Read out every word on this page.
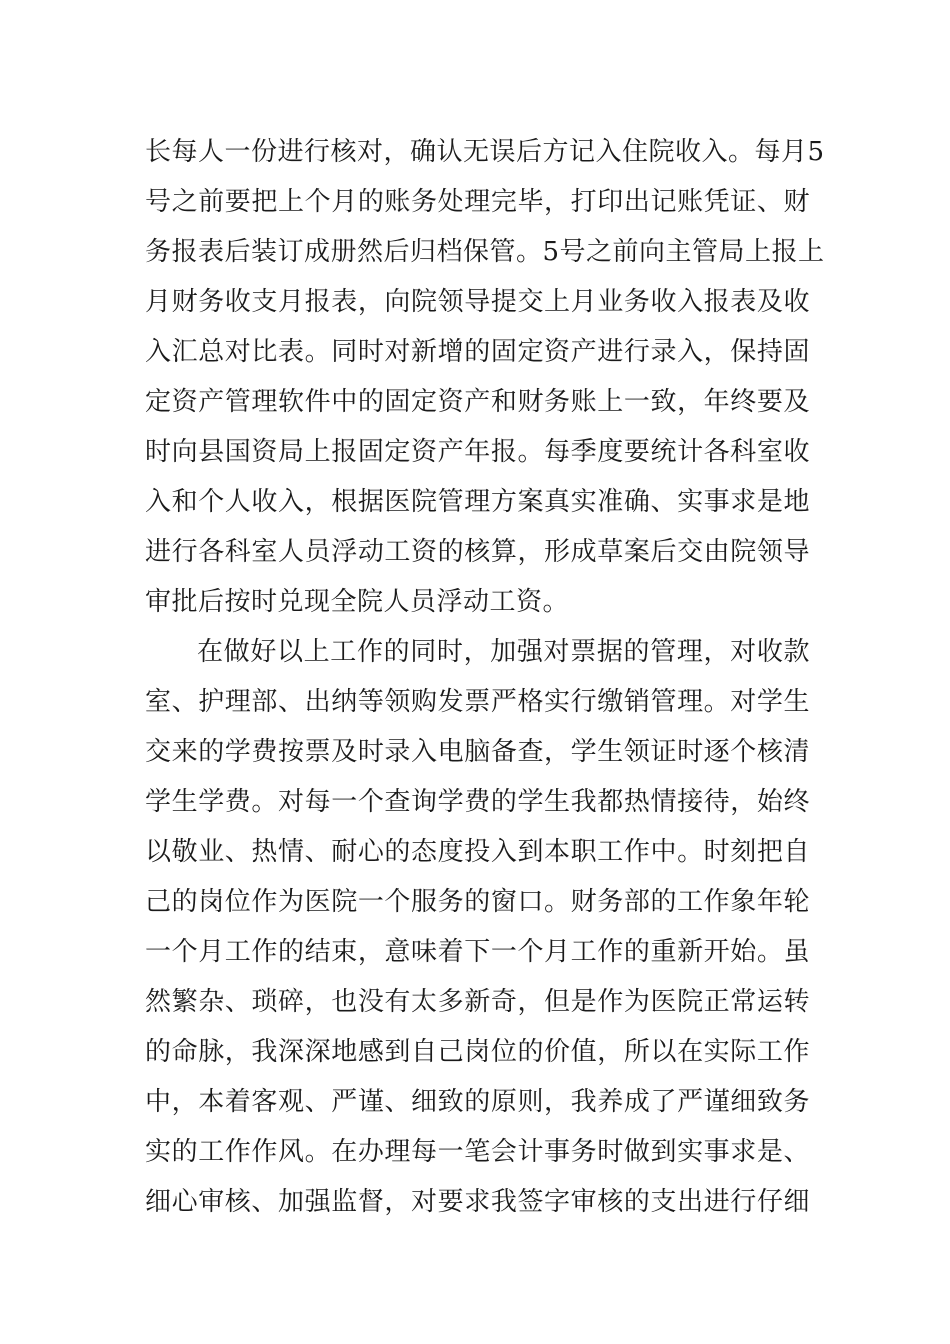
长每人一份进行核对，确认无误后方记入住院收入。每月5
号之前要把上个月的账务处理完毕，打印出记账凭证、财
务报表后装订成册然后归档保管。5号之前向主管局上报上
月财务收支月报表，向院领导提交上月业务收入报表及收
入汇总对比表。同时对新增的固定资产进行录入，保持固
定资产管理软件中的固定资产和财务账上一致，年终要及
时向县国资局上报固定资产年报。每季度要统计各科室收
入和个人收入，根据医院管理方案真实准确、实事求是地
进行各科室人员浮动工资的核算，形成草案后交由院领导
审批后按时兑现全院人员浮动工资。
在做好以上工作的同时，加强对票据的管理，对收款
室、护理部、出纳等领购发票严格实行缴销管理。对学生
交来的学费按票及时录入电脑备查，学生领证时逐个核清
学生学费。对每一个查询学费的学生我都热情接待，始终
以敬业、热情、耐心的态度投入到本职工作中。时刻把自
己的岗位作为医院一个服务的窗口。财务部的工作象年轮
一个月工作的结束，意味着下一个月工作的重新开始。虽
然繁杂、琐碎，也没有太多新奇，但是作为医院正常运转
的命脉，我深深地感到自己岗位的价值，所以在实际工作
中，本着客观、严谨、细致的原则，我养成了严谨细致务
实的工作作风。在办理每一笔会计事务时做到实事求是、
细心审核、加强监督，对要求我签字审核的支出进行仔细
